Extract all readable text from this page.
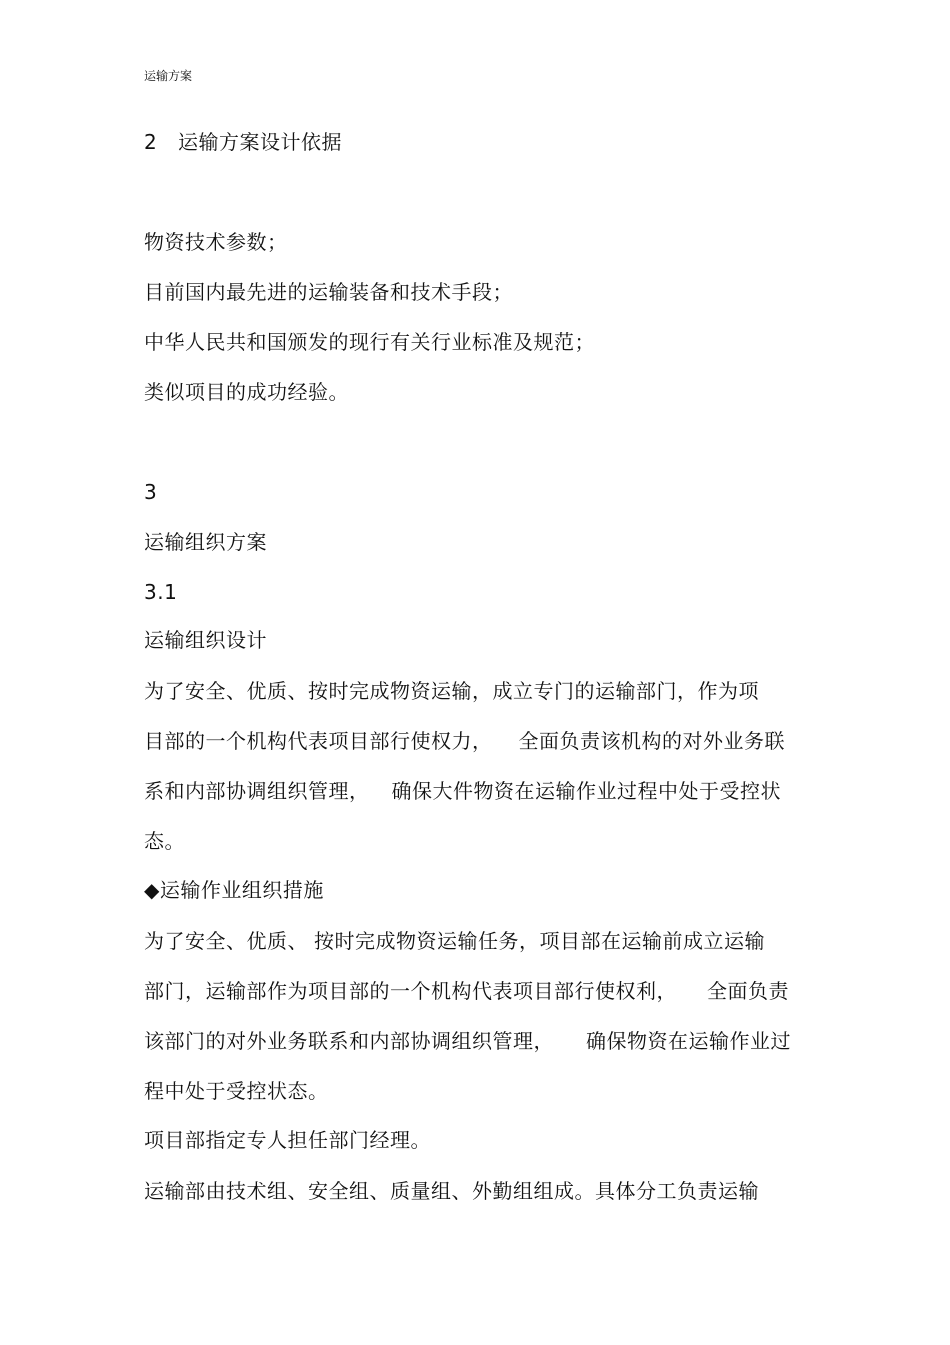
运输方案
2 运输方案设计依据
物资技术参数；
目前国内最先进的运输装备和技术手段；
中华人民共和国颁发的现行有关行业标准及规范；
类似项目的成功经验。
3
运输组织方案
3.1
运输组织设计
为了安全、优质、按时完成物资运输，成立专门的运输部门，作为项
目部的一个机构代表项目部行使权力， 全面负责该机构的对外业务联
系和内部协调组织管理， 确保大件物资在运输作业过程中处于受控状
态。
◆运输作业组织措施
为了安全、优质、 按时完成物资运输任务，项目部在运输前成立运输
部门，运输部作为项目部的一个机构代表项目部行使权利， 全面负责
该部门的对外业务联系和内部协调组织管理， 确保物资在运输作业过
程中处于受控状态。
项目部指定专人担任部门经理。
运输部由技术组、安全组、质量组、外勤组组成。具体分工负责运输
